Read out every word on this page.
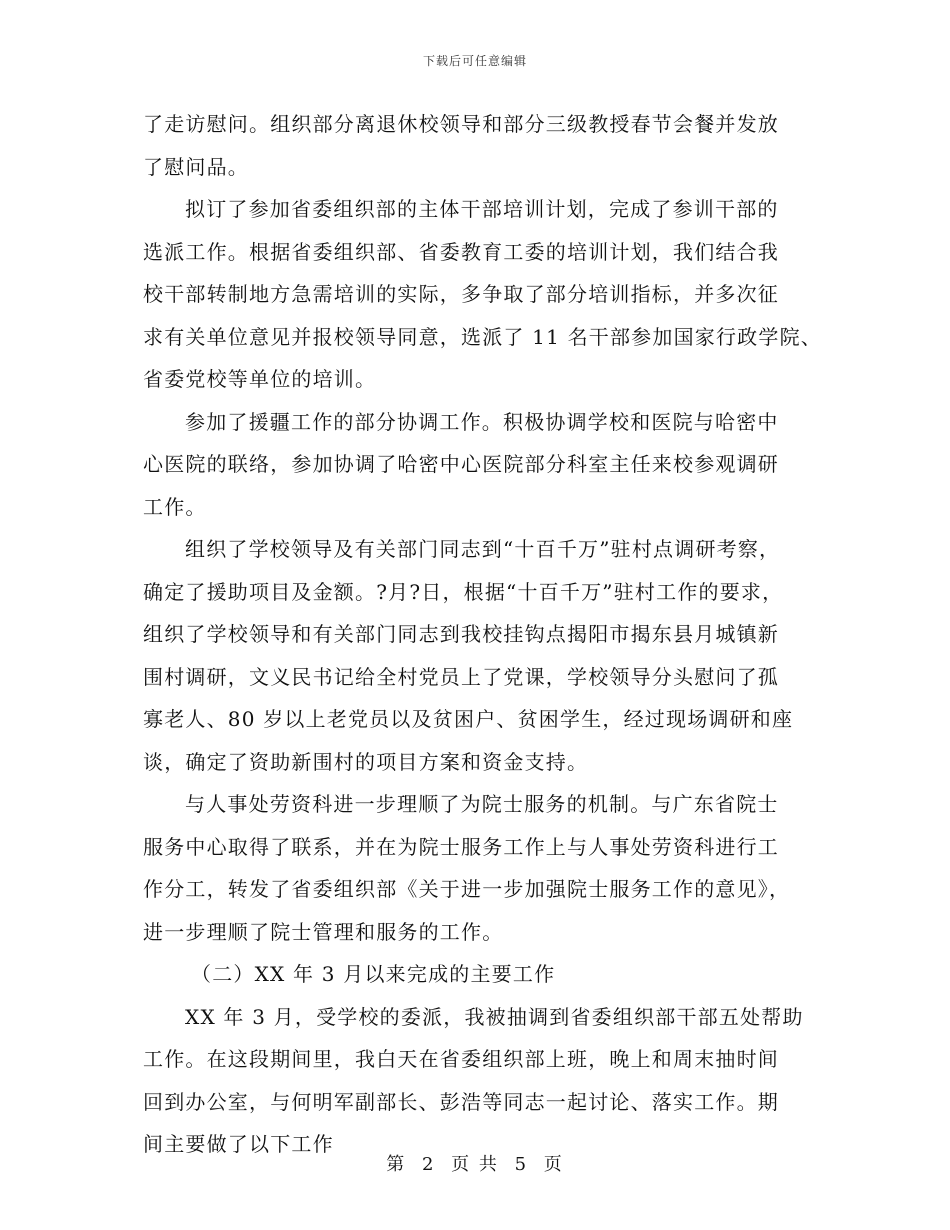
下载后可任意编辑
了走访慰问。组织部分离退休校领导和部分三级教授春节会餐并发放
了慰问品。
拟订了参加省委组织部的主体干部培训计划，完成了参训干部的
选派工作。根据省委组织部、省委教育工委的培训计划，我们结合我
校干部转制地方急需培训的实际，多争取了部分培训指标，并多次征
求有关单位意见并报校领导同意，选派了 11 名干部参加国家行政学院、
省委党校等单位的培训。
参加了援疆工作的部分协调工作。积极协调学校和医院与哈密中
心医院的联络，参加协调了哈密中心医院部分科室主任来校参观调研
工作。
组织了学校领导及有关部门同志到“十百千万”驻村点调研考察，
确定了援助项目及金额。?月?日，根据“十百千万”驻村工作的要求，
组织了学校领导和有关部门同志到我校挂钩点揭阳市揭东县月城镇新
围村调研，文义民书记给全村党员上了党课，学校领导分头慰问了孤
寡老人、80 岁以上老党员以及贫困户、贫困学生，经过现场调研和座
谈，确定了资助新围村的项目方案和资金支持。
与人事处劳资科进一步理顺了为院士服务的机制。与广东省院士
服务中心取得了联系，并在为院士服务工作上与人事处劳资科进行工
作分工，转发了省委组织部《关于进一步加强院士服务工作的意见》，
进一步理顺了院士管理和服务的工作。
（二）XX 年 3 月以来完成的主要工作
XX 年 3 月，受学校的委派，我被抽调到省委组织部干部五处帮助
工作。在这段期间里，我白天在省委组织部上班，晚上和周末抽时间
回到办公室，与何明军副部长、彭浩等同志一起讨论、落实工作。期
间主要做了以下工作
第 2 页 共 5 页
